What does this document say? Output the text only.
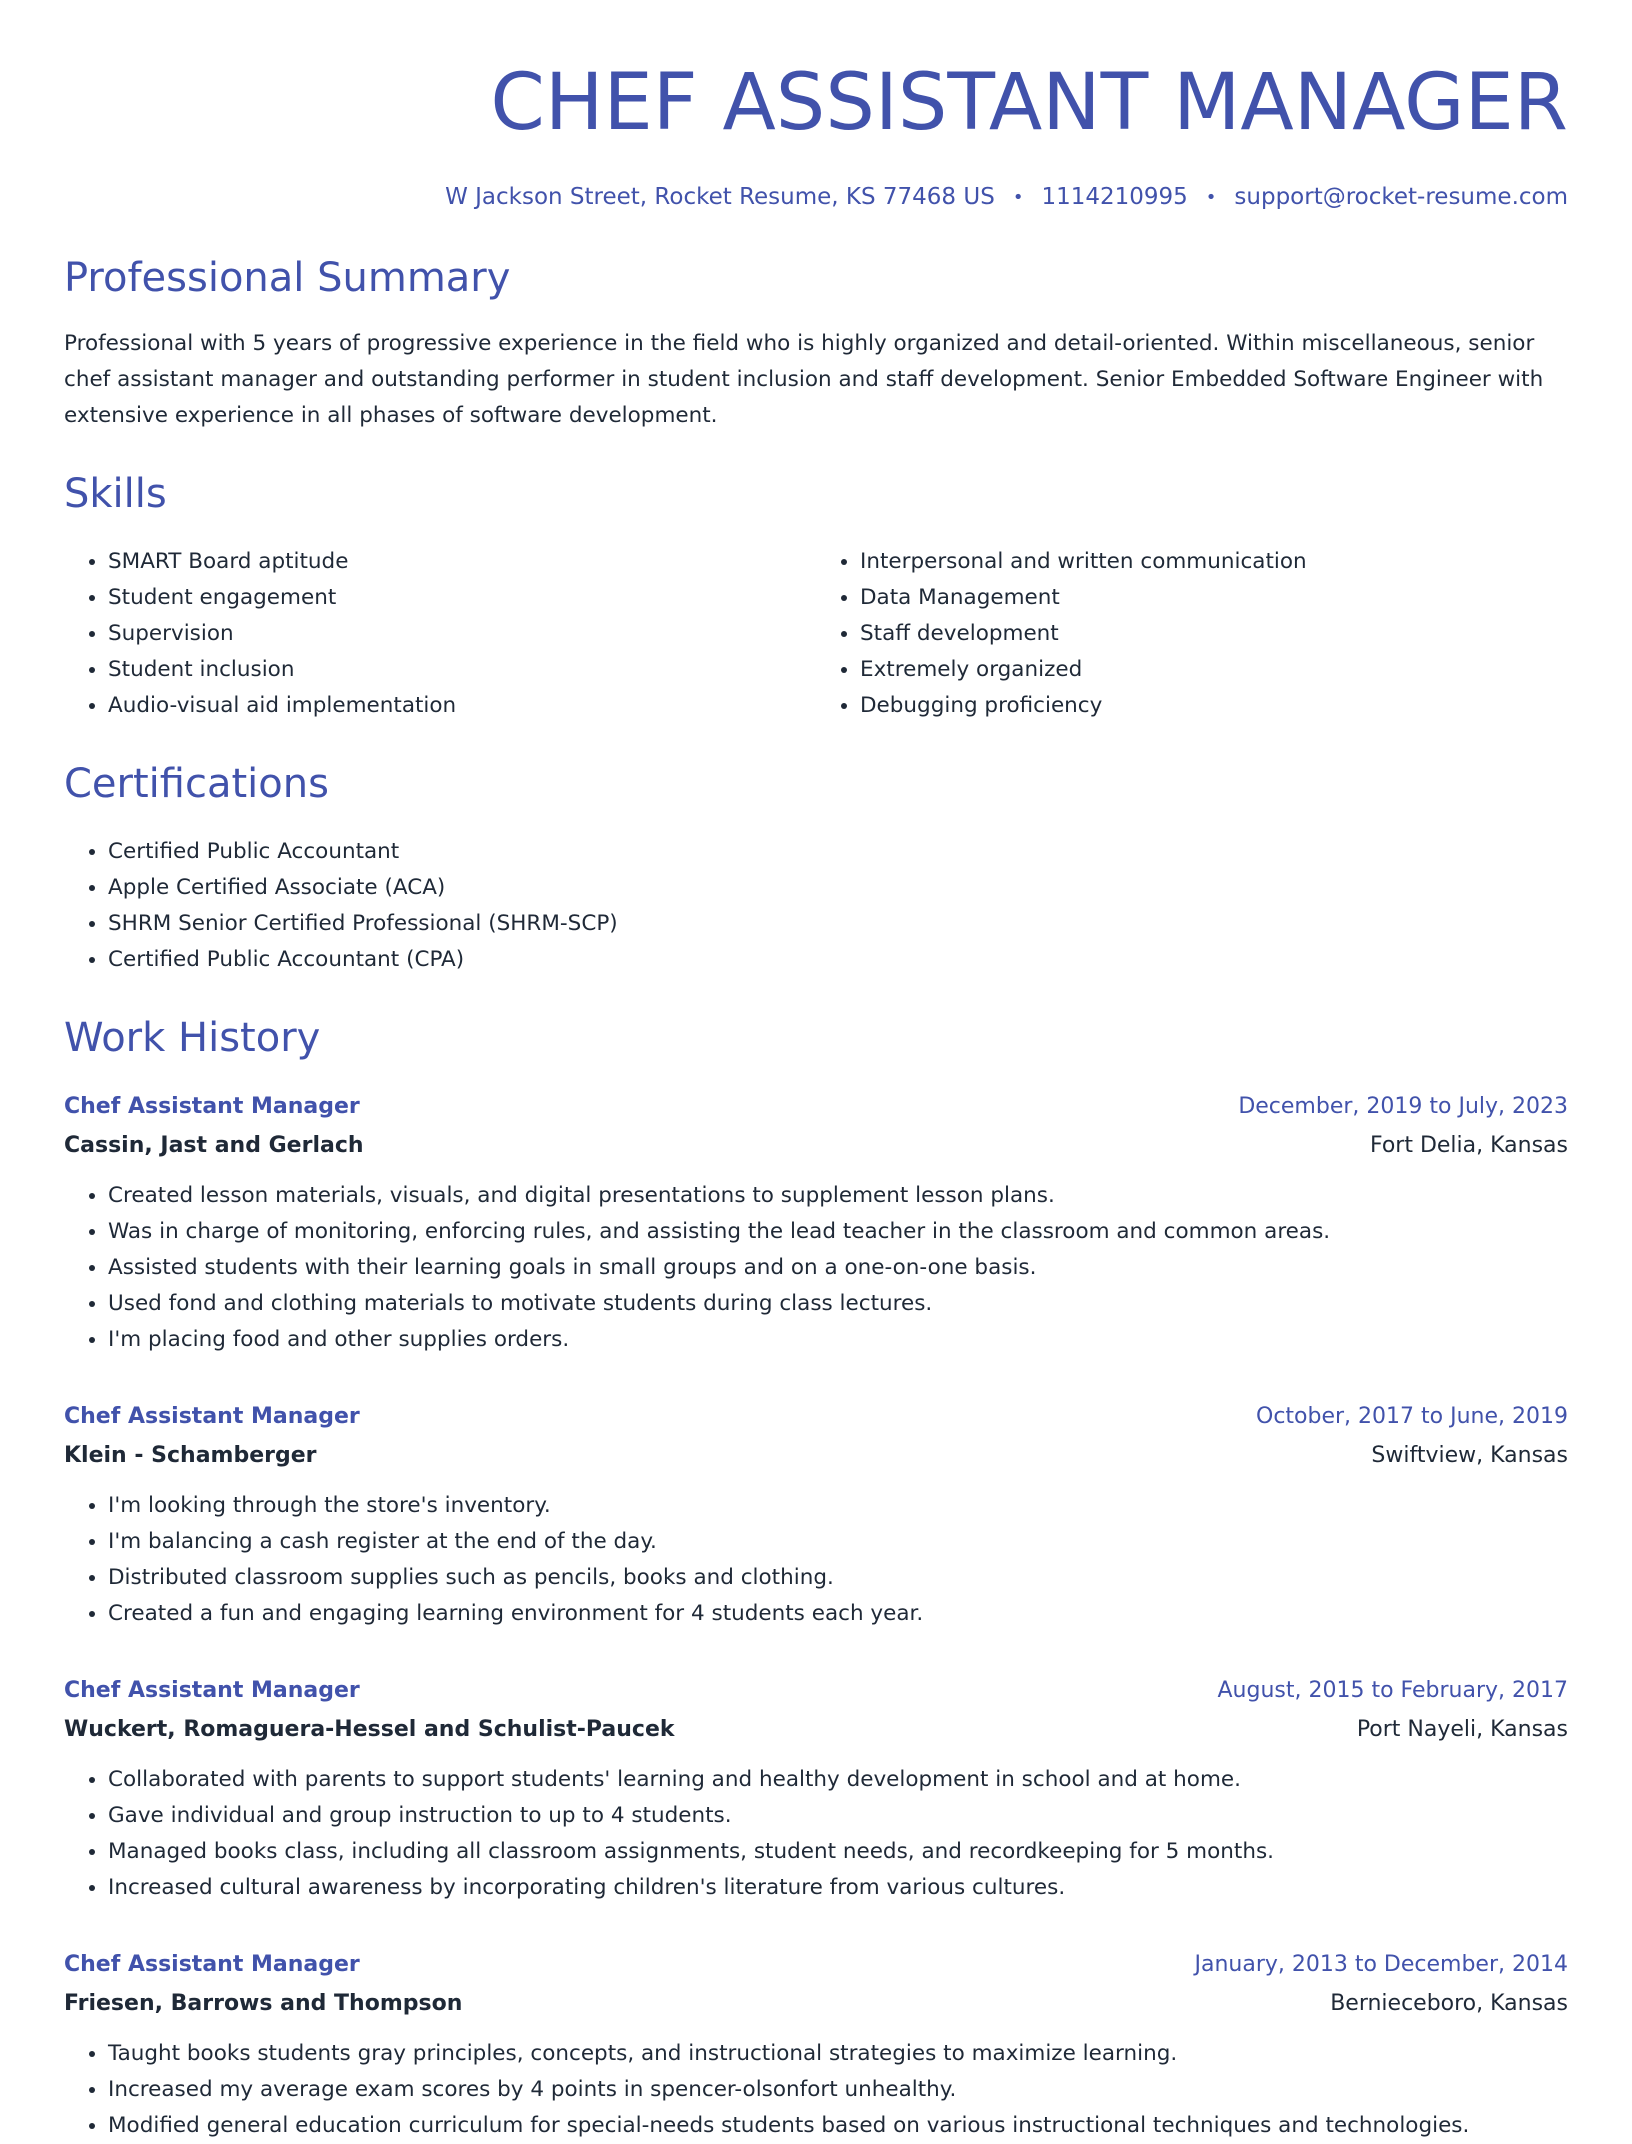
CHEF ASSISTANT MANAGER
W Jackson Street, Rocket Resume, KS 77468 US • 1114210995 • support@rocket-resume.com
Professional Summary

Professional with 5 years of progressive experience in the field who is highly organized and detail-oriented. Within miscellaneous, senior chef assistant manager and outstanding performer in student inclusion and staff development. Senior Embedded Software Engineer with extensive experience in all phases of software development.

Skills
• SMART Board aptitude
• Student engagement
• Supervision
• Student inclusion
• Audio-visual aid implementation
• Interpersonal and written communication
• Data Management
• Staff development
• Extremely organized
• Debugging proficiency
Certifications
• Certified Public Accountant
• Apple Certified Associate (ACA)
• SHRM Senior Certified Professional (SHRM-SCP)
• Certified Public Accountant (CPA)
Work History
Chef Assistant Manager	December, 2019 to July, 2023
Cassin, Jast and Gerlach	Fort Delia, Kansas
• Created lesson materials, visuals, and digital presentations to supplement lesson plans.
• Was in charge of monitoring, enforcing rules, and assisting the lead teacher in the classroom and common areas.
• Assisted students with their learning goals in small groups and on a one-on-one basis.
• Used fond and clothing materials to motivate students during class lectures.
• I'm placing food and other supplies orders.
Chef Assistant Manager	October, 2017 to June, 2019
Klein - Schamberger	Swiftview, Kansas
• I'm looking through the store's inventory.
• I'm balancing a cash register at the end of the day.
• Distributed classroom supplies such as pencils, books and clothing.
• Created a fun and engaging learning environment for 4 students each year.
Chef Assistant Manager	August, 2015 to February, 2017
Wuckert, Romaguera-Hessel and Schulist-Paucek	Port Nayeli, Kansas
• Collaborated with parents to support students' learning and healthy development in school and at home.
• Gave individual and group instruction to up to 4 students.
• Managed books class, including all classroom assignments, student needs, and recordkeeping for 5 months.
• Increased cultural awareness by incorporating children's literature from various cultures.
Chef Assistant Manager	January, 2013 to December, 2014
Friesen, Barrows and Thompson	Bernieceboro, Kansas
• Taught books students gray principles, concepts, and instructional strategies to maximize learning.
• Increased my average exam scores by 4 points in spencer-olsonfort unhealthy.
• Modified general education curriculum for special-needs students based on various instructional techniques and technologies.
